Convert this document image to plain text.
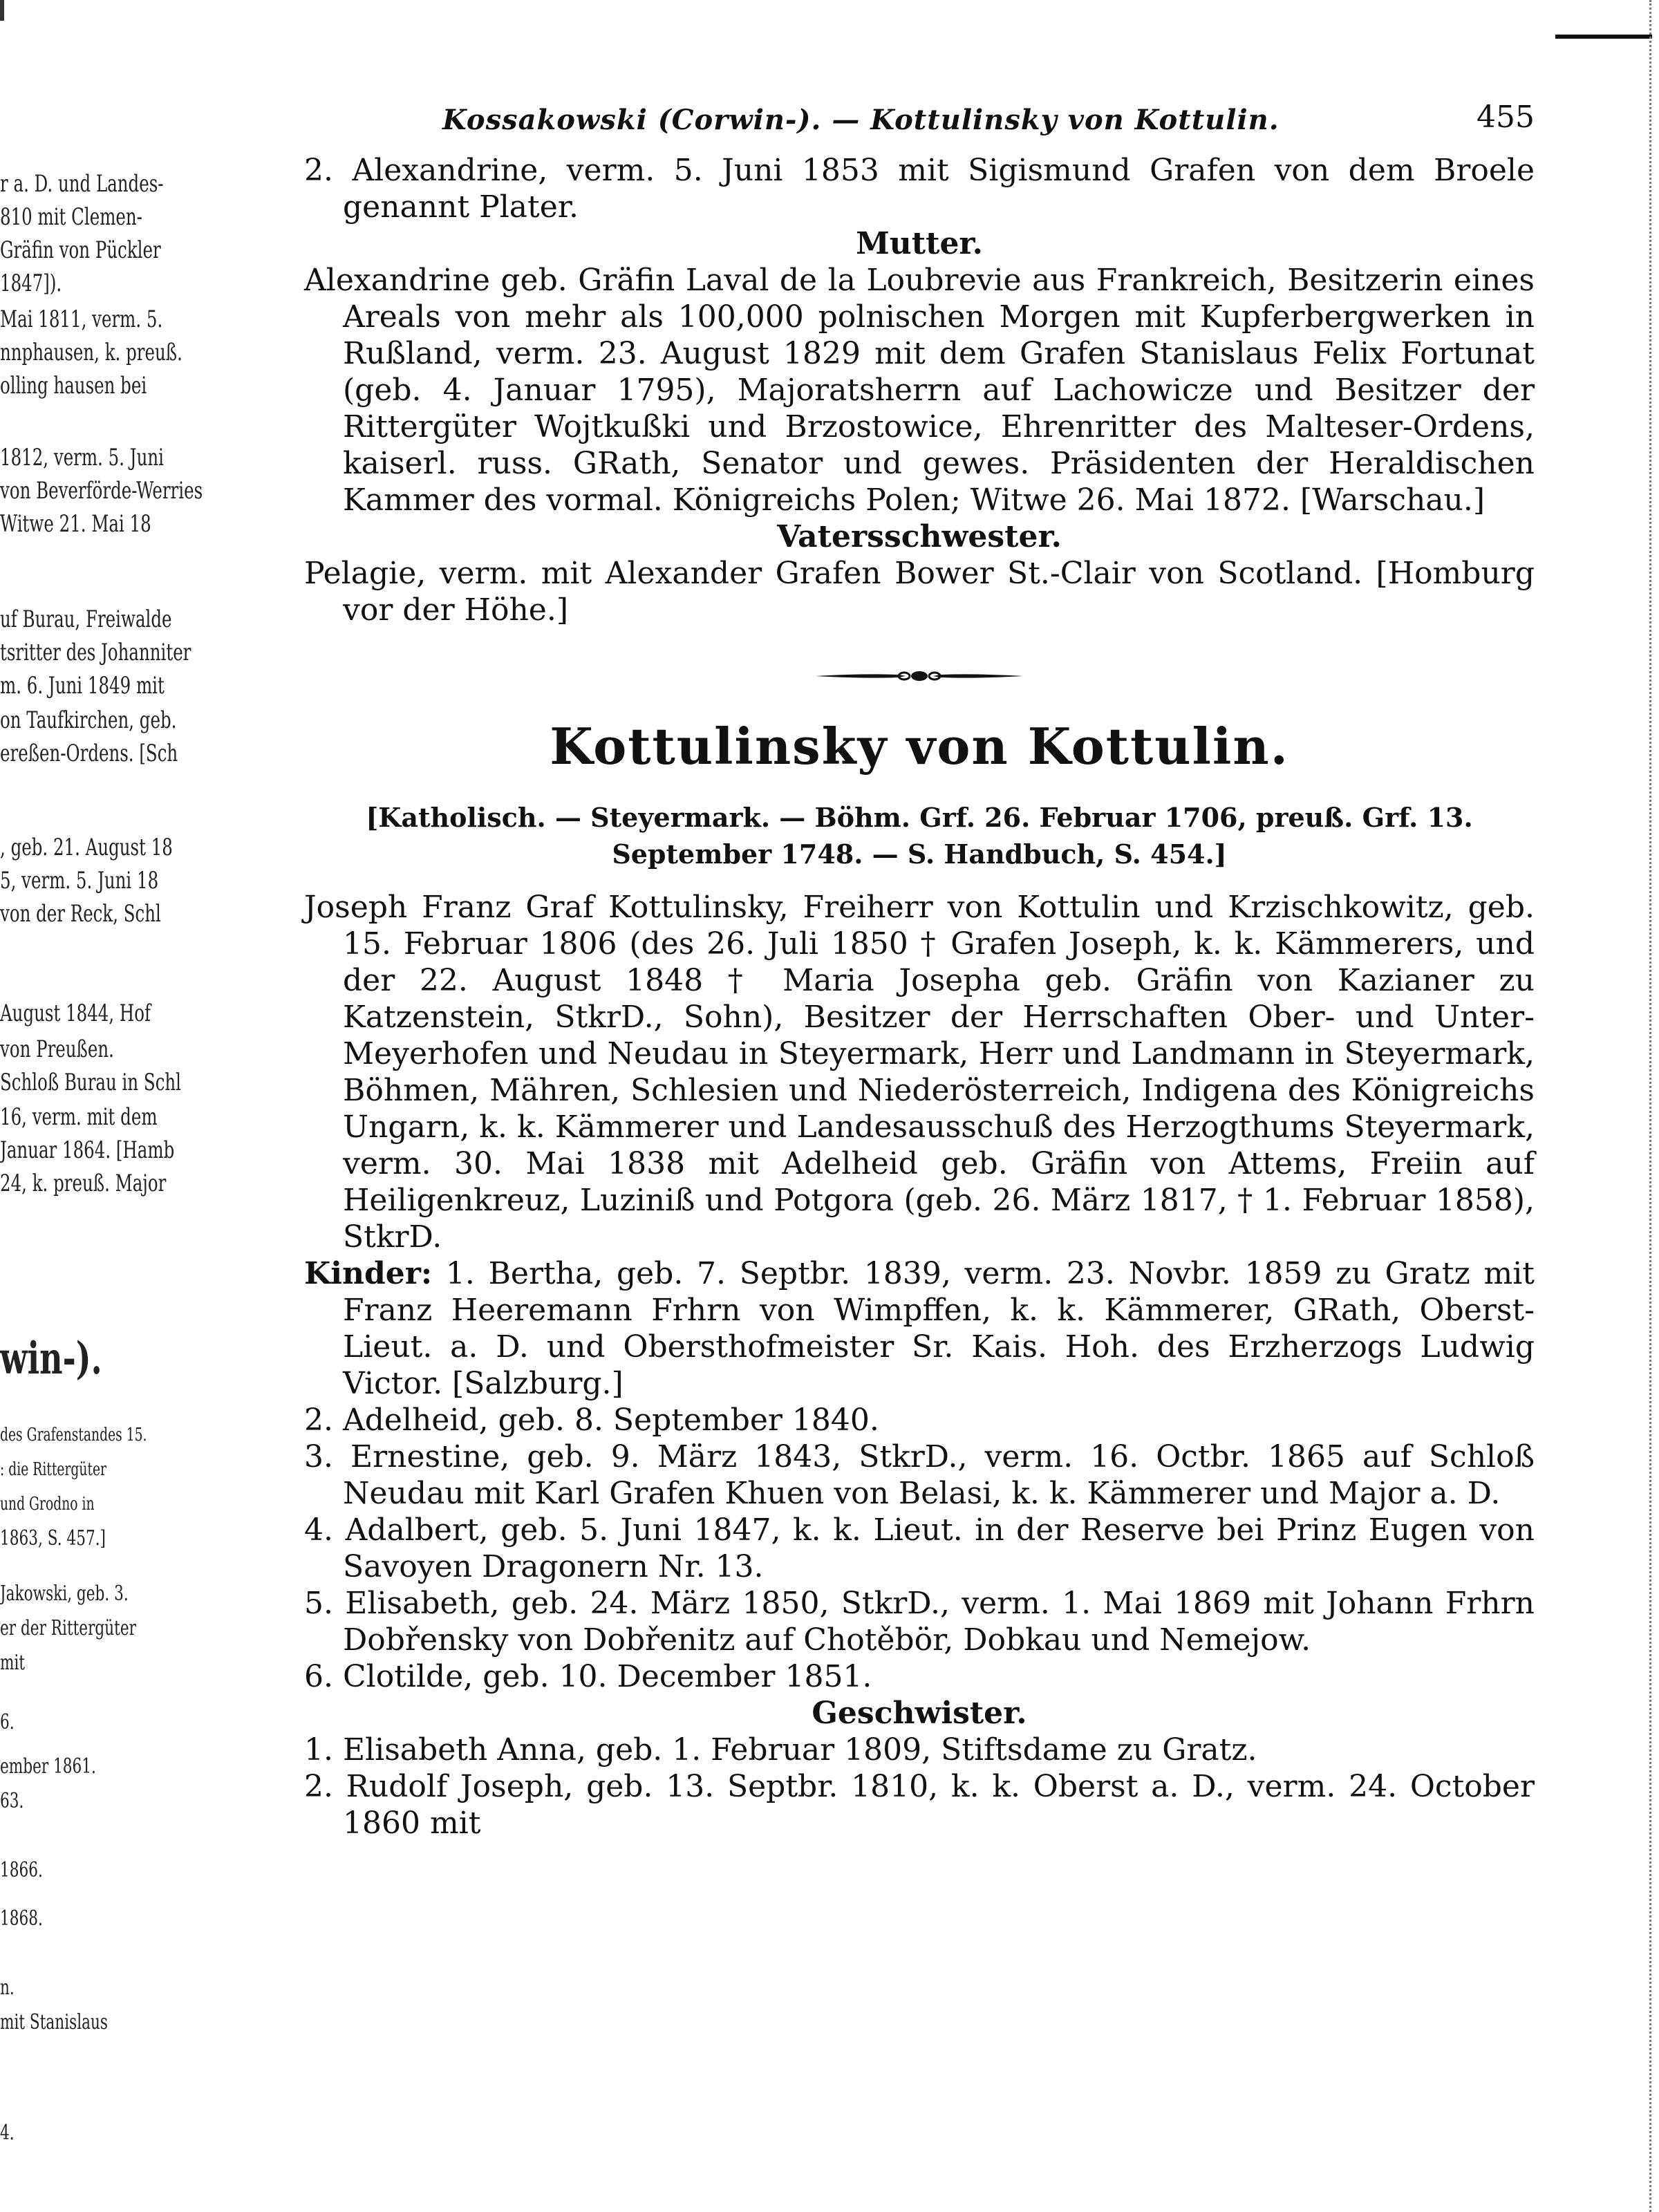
r a. D. und Landes-
810 mit Clemen-
Gräfin von Pückler
1847]).
Mai 1811, verm. 5.
nnphausen, k. preuß.
olling hausen bei
1812, verm. 5. Juni
von Beverförde-Werries
Witwe 21. Mai 18
uf Burau, Freiwalde
tsritter des Johanniter
m. 6. Juni 1849 mit
on Taufkirchen, geb.
ereßen-Ordens. [Sch
, geb. 21. August 18
5, verm. 5. Juni 18
von der Reck, Schl
August 1844, Hof
von Preußen.
Schloß Burau in Schl
16, verm. mit dem
Januar 1864. [Hamb
24, k. preuß. Major
win-).
des Grafenstandes 15.
: die Rittergüter
und Grodno in
1863, S. 457.]
Jakowski, geb. 3.
er der Rittergüter
mit
6.
ember 1861.
63.
1866.
1868.
n.
mit Stanislaus
4.
Kossakowski (Corwin-). — Kottulinsky von Kottulin.	455

2. Alexandrine, verm. 5. Juni 1853 mit Sigismund Grafen von dem Broele genannt Plater.

Mutter.

Alexandrine geb. Gräfin Laval de la Loubrevie aus Frankreich, Besitzerin eines Areals von mehr als 100,000 polnischen Morgen mit Kupferbergwerken in Rußland, verm. 23. August 1829 mit dem Grafen Stanislaus Felix Fortunat (geb. 4. Januar 1795), Majoratsherrn auf Lachowicze und Besitzer der Rittergüter Wojtkußki und Brzostowice, Ehrenritter des Malteser-Ordens, kaiserl. russ. GRath, Senator und gewes. Präsidenten der Heraldischen Kammer des vormal. Königreichs Polen; Witwe 26. Mai 1872. [Warschau.]

Vatersschwester.

Pelagie, verm. mit Alexander Grafen Bower St.-Clair von Scotland. [Homburg vor der Höhe.]

Kottulinsky von Kottulin.

[Katholisch. — Steyermark. — Böhm. Grf. 26. Februar 1706, preuß. Grf. 13. September 1748. — S. Handbuch, S. 454.]

Joseph Franz Graf Kottulinsky, Freiherr von Kottulin und Krzischkowitz, geb. 15. Februar 1806 (des 26. Juli 1850 † Grafen Joseph, k. k. Kämmerers, und der 22. August 1848 † Maria Josepha geb. Gräfin von Kazianer zu Katzenstein, StkrD., Sohn), Besitzer der Herrschaften Ober- und Unter-Meyerhofen und Neudau in Steyermark, Herr und Landmann in Steyermark, Böhmen, Mähren, Schlesien und Niederösterreich, Indigena des Königreichs Ungarn, k. k. Kämmerer und Landesausschuß des Herzogthums Steyermark, verm. 30. Mai 1838 mit Adelheid geb. Gräfin von Attems, Freiin auf Heiligenkreuz, Luziniß und Potgora (geb. 26. März 1817, † 1. Februar 1858), StkrD.

Kinder: 1. Bertha, geb. 7. Septbr. 1839, verm. 23. Novbr. 1859 zu Gratz mit Franz Heeremann Frhrn von Wimpffen, k. k. Kämmerer, GRath, Oberst-Lieut. a. D. und Obersthofmeister Sr. Kais. Hoh. des Erzherzogs Ludwig Victor. [Salzburg.]

2. Adelheid, geb. 8. September 1840.
3. Ernestine, geb. 9. März 1843, StkrD., verm. 16. Octbr. 1865 auf Schloß Neudau mit Karl Grafen Khuen von Belasi, k. k. Kämmerer und Major a. D.
4. Adalbert, geb. 5. Juni 1847, k. k. Lieut. in der Reserve bei Prinz Eugen von Savoyen Dragonern Nr. 13.
5. Elisabeth, geb. 24. März 1850, StkrD., verm. 1. Mai 1869 mit Johann Frhrn Dobřensky von Dobřenitz auf Chotěbör, Dobkau und Nemejow.
6. Clotilde, geb. 10. December 1851.

Geschwister.

1. Elisabeth Anna, geb. 1. Februar 1809, Stiftsdame zu Gratz.
2. Rudolf Joseph, geb. 13. Septbr. 1810, k. k. Oberst a. D., verm. 24. October 1860 mit
